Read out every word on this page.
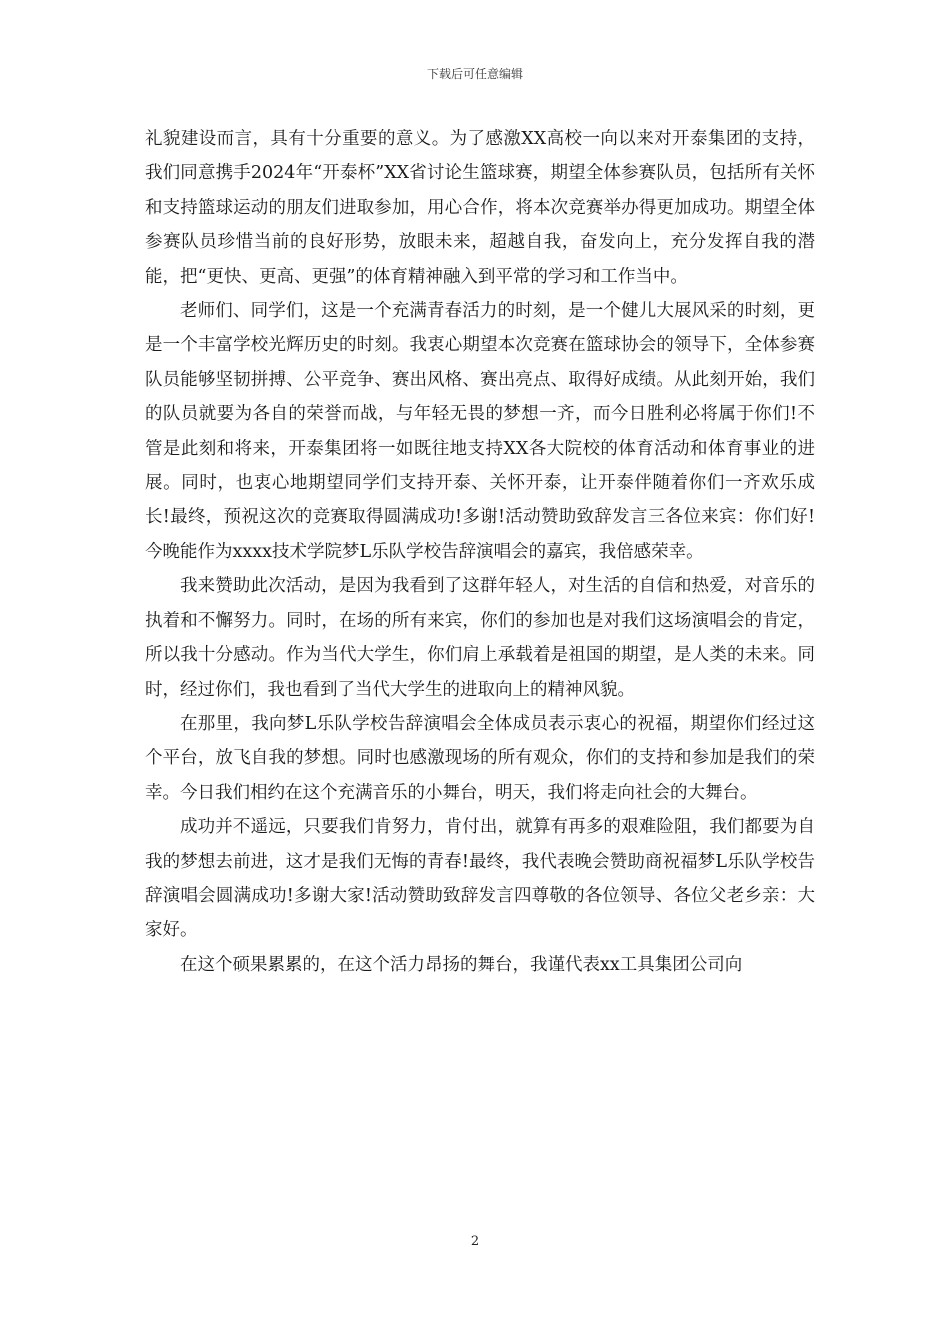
下载后可任意编辑

礼貌建设而言，具有十分重要的意义。为了感激XX高校一向以来对开泰集团的支持，我们同意携手2024年“开泰杯”XX省讨论生篮球赛，期望全体参赛队员，包括所有关怀和支持篮球运动的朋友们进取参加，用心合作，将本次竞赛举办得更加成功。期望全体参赛队员珍惜当前的良好形势，放眼未来，超越自我，奋发向上，充分发挥自我的潜能，把“更快、更高、更强”的体育精神融入到平常的学习和工作当中。

老师们、同学们，这是一个充满青春活力的时刻，是一个健儿大展风采的时刻，更是一个丰富学校光辉历史的时刻。我衷心期望本次竞赛在篮球协会的领导下，全体参赛队员能够坚韧拼搏、公平竞争、赛出风格、赛出亮点、取得好成绩。从此刻开始，我们的队员就要为各自的荣誉而战，与年轻无畏的梦想一齐，而今日胜利必将属于你们!不管是此刻和将来，开泰集团将一如既往地支持XX各大院校的体育活动和体育事业的进展。同时，也衷心地期望同学们支持开泰、关怀开泰，让开泰伴随着你们一齐欢乐成长!最终，预祝这次的竞赛取得圆满成功!多谢!活动赞助致辞发言三各位来宾：你们好!今晚能作为xxxx技术学院梦L乐队学校告辞演唱会的嘉宾，我倍感荣幸。

我来赞助此次活动，是因为我看到了这群年轻人，对生活的自信和热爱，对音乐的执着和不懈努力。同时，在场的所有来宾，你们的参加也是对我们这场演唱会的肯定，所以我十分感动。作为当代大学生，你们肩上承载着是祖国的期望，是人类的未来。同时，经过你们，我也看到了当代大学生的进取向上的精神风貌。

在那里，我向梦L乐队学校告辞演唱会全体成员表示衷心的祝福，期望你们经过这个平台，放飞自我的梦想。同时也感激现场的所有观众，你们的支持和参加是我们的荣幸。今日我们相约在这个充满音乐的小舞台，明天，我们将走向社会的大舞台。

成功并不遥远，只要我们肯努力，肯付出，就算有再多的艰难险阻，我们都要为自我的梦想去前进，这才是我们无悔的青春!最终，我代表晚会赞助商祝福梦L乐队学校告辞演唱会圆满成功!多谢大家!活动赞助致辞发言四尊敬的各位领导、各位父老乡亲：大家好。

在这个硕果累累的，在这个活力昂扬的舞台，我谨代表xx工具集团公司向

2
